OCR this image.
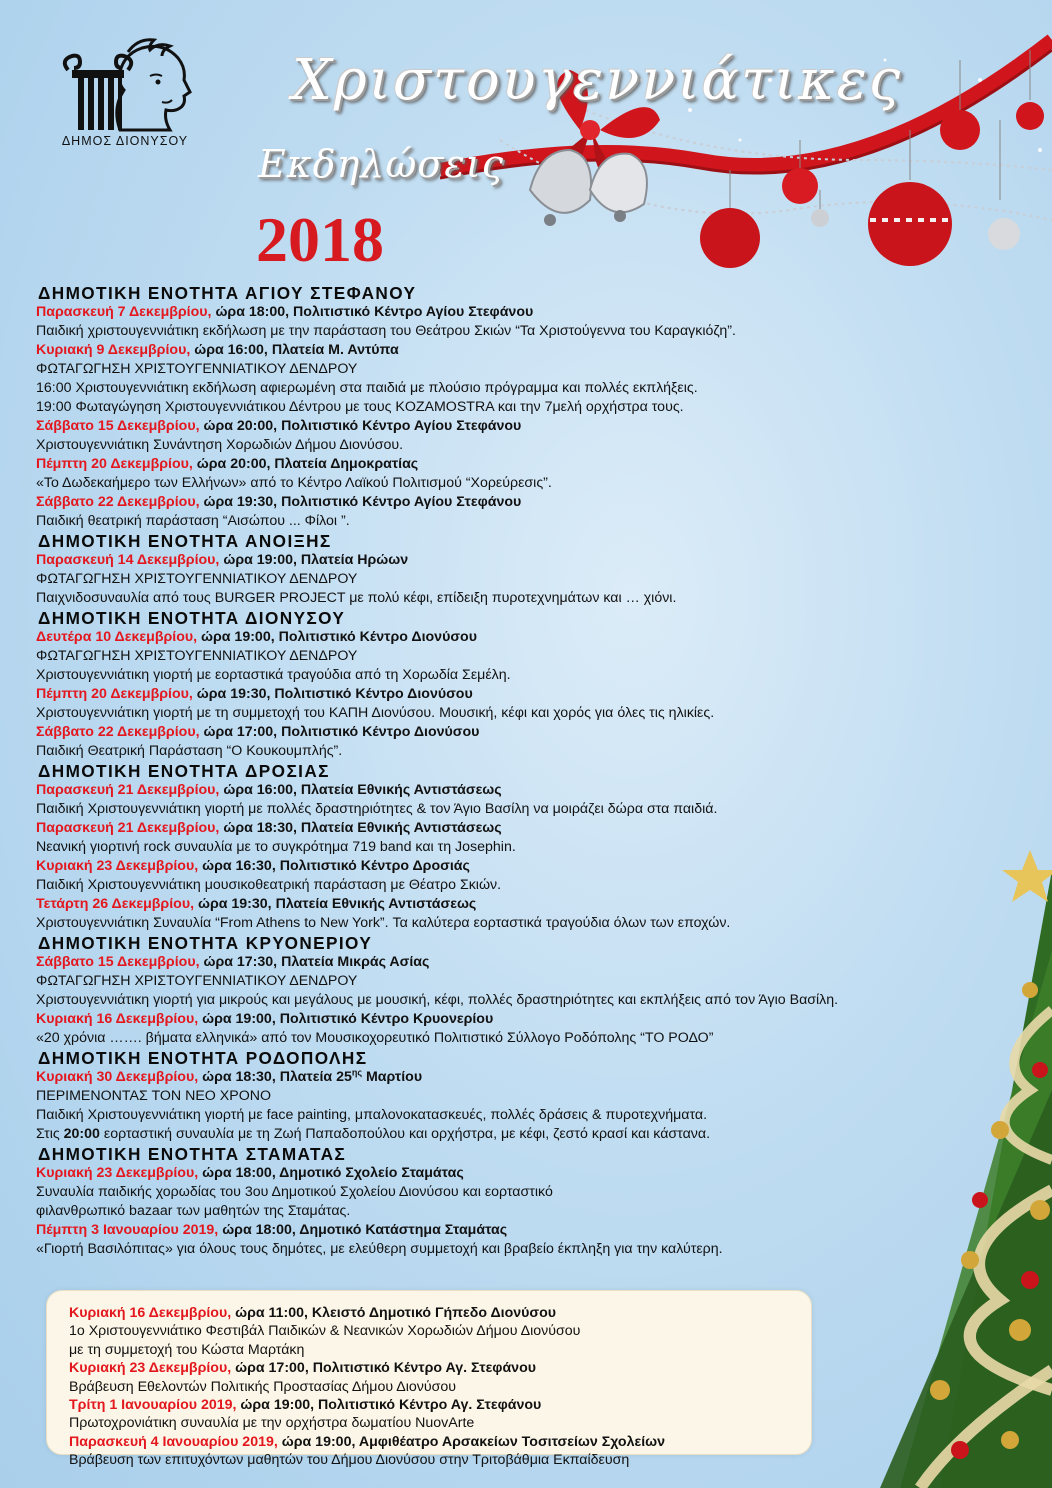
ΔΗΜΟΣ ΔΙΟΝΥΣΟΥ
Χριστουγεννιάτικες
Εκδηλώσεις
2018
ΔΗΜΟΤΙΚΗ ΕΝΟΤΗΤΑ ΑΓΙΟΥ ΣΤΕΦΑΝΟΥ
Παρασκευή 7 Δεκεμβρίου, ώρα 18:00, Πολιτιστικό Κέντρο Αγίου Στεφάνου
Παιδική χριστουγεννιάτικη εκδήλωση με την παράσταση του Θεάτρου Σκιών “Τα Χριστούγεννα του Καραγκιόζη”.
Κυριακή 9 Δεκεμβρίου, ώρα 16:00, Πλατεία Μ. Αντύπα
ΦΩΤΑΓΩΓΗΣΗ ΧΡΙΣΤΟΥΓΕΝΝΙΑΤΙΚΟΥ ΔΕΝΔΡΟΥ
16:00 Χριστουγεννιάτικη εκδήλωση αφιερωμένη στα παιδιά με πλούσιο πρόγραμμα και πολλές εκπλήξεις.
19:00 Φωταγώγηση Χριστουγεννιάτικου Δέντρου με τους KOZAMOSTRA και την 7μελή ορχήστρα τους.
Σάββατο 15 Δεκεμβρίου, ώρα 20:00, Πολιτιστικό Κέντρο Αγίου Στεφάνου
Χριστουγεννιάτικη Συνάντηση Χορωδιών Δήμου Διονύσου.
Πέμπτη 20 Δεκεμβρίου, ώρα 20:00, Πλατεία Δημοκρατίας
«Το Δωδεκαήμερο των Ελλήνων» από το Κέντρο Λαϊκού Πολιτισμού “Χορεύρεσις”.
Σάββατο 22 Δεκεμβρίου, ώρα 19:30, Πολιτιστικό Κέντρο Αγίου Στεφάνου
Παιδική θεατρική παράσταση “Αισώπου ... Φίλοι ”.
ΔΗΜΟΤΙΚΗ ΕΝΟΤΗΤΑ ΑΝΟΙΞΗΣ
Παρασκευή 14 Δεκεμβρίου, ώρα 19:00, Πλατεία Ηρώων
ΦΩΤΑΓΩΓΗΣΗ ΧΡΙΣΤΟΥΓΕΝΝΙΑΤΙΚΟΥ ΔΕΝΔΡΟΥ
Παιχνιδοσυναυλία από τους BURGER PROJECT με πολύ κέφι, επίδειξη πυροτεχνημάτων και … χιόνι.
ΔΗΜΟΤΙΚΗ ΕΝΟΤΗΤΑ ΔΙΟΝΥΣΟΥ
Δευτέρα 10 Δεκεμβρίου, ώρα 19:00, Πολιτιστικό Κέντρο Διονύσου
ΦΩΤΑΓΩΓΗΣΗ ΧΡΙΣΤΟΥΓΕΝΝΙΑΤΙΚΟΥ ΔΕΝΔΡΟΥ
Χριστουγεννιάτικη γιορτή με εορταστικά τραγούδια από τη Χορωδία Σεμέλη.
Πέμπτη 20 Δεκεμβρίου, ώρα 19:30, Πολιτιστικό Κέντρο Διονύσου
Χριστουγεννιάτικη γιορτή με τη συμμετοχή του ΚΑΠΗ Διονύσου. Μουσική, κέφι και χορός για όλες τις ηλικίες.
Σάββατο 22 Δεκεμβρίου, ώρα 17:00, Πολιτιστικό Κέντρο Διονύσου
Παιδική Θεατρική Παράσταση “Ο Κουκουμπλής”.
ΔΗΜΟΤΙΚΗ ΕΝΟΤΗΤΑ ΔΡΟΣΙΑΣ
Παρασκευή 21 Δεκεμβρίου, ώρα 16:00, Πλατεία Εθνικής Αντιστάσεως
Παιδική Χριστουγεννιάτικη γιορτή με πολλές δραστηριότητες & τον Άγιο Βασίλη να μοιράζει δώρα στα παιδιά.
Παρασκευή 21 Δεκεμβρίου, ώρα 18:30, Πλατεία Εθνικής Αντιστάσεως
Νεανική γιορτινή rock συναυλία με το συγκρότημα 719 band και τη Josephin.
Κυριακή 23 Δεκεμβρίου, ώρα 16:30, Πολιτιστικό Κέντρο Δροσιάς
Παιδική Χριστουγεννιάτικη μουσικοθεατρική παράσταση με Θέατρο Σκιών.
Τετάρτη 26 Δεκεμβρίου, ώρα 19:30, Πλατεία Εθνικής Αντιστάσεως
Χριστουγεννιάτικη Συναυλία “From Athens to New York”. Τα καλύτερα εορταστικά τραγούδια όλων των εποχών.
ΔΗΜΟΤΙΚΗ ΕΝΟΤΗΤΑ ΚΡΥΟΝΕΡΙΟΥ
Σάββατο 15 Δεκεμβρίου, ώρα 17:30, Πλατεία Μικράς Ασίας
ΦΩΤΑΓΩΓΗΣΗ ΧΡΙΣΤΟΥΓΕΝΝΙΑΤΙΚΟΥ ΔΕΝΔΡΟΥ
Χριστουγεννιάτικη γιορτή για μικρούς και μεγάλους με μουσική, κέφι, πολλές δραστηριότητες και εκπλήξεις από τον Άγιο Βασίλη.
Κυριακή 16 Δεκεμβρίου, ώρα 19:00, Πολιτιστικό Κέντρο Κρυονερίου
«20 χρόνια ……. βήματα ελληνικά» από τον Μουσικοχορευτικό Πολιτιστικό Σύλλογο Ροδόπολης “ΤΟ ΡΟΔΟ”
ΔΗΜΟΤΙΚΗ ΕΝΟΤΗΤΑ ΡΟΔΟΠΟΛΗΣ
Κυριακή 30 Δεκεμβρίου, ώρα 18:30, Πλατεία $25^{\eta\varsigma}$ Μαρτίου
ΠΕΡΙΜΕΝΟΝΤΑΣ ΤΟΝ ΝΕΟ ΧΡΟΝΟ
Παιδική Χριστουγεννιάτικη γιορτή με face painting, μπαλονοκατασκευές, πολλές δράσεις & πυροτεχνήματα.
Στις 20:00 εορταστική συναυλία με τη Ζωή Παπαδοπούλου και ορχήστρα, με κέφι, ζεστό κρασί και κάστανα.
ΔΗΜΟΤΙΚΗ ΕΝΟΤΗΤΑ ΣΤΑΜΑΤΑΣ
Κυριακή 23 Δεκεμβρίου, ώρα 18:00, Δημοτικό Σχολείο Σταμάτας
Συναυλία παιδικής χορωδίας του 3ου Δημοτικού Σχολείου Διονύσου και εορταστικό
φιλανθρωπικό bazaar των μαθητών της Σταμάτας.
Πέμπτη 3 Ιανουαρίου 2019, ώρα 18:00, Δημοτικό Κατάστημα Σταμάτας
«Γιορτή Βασιλόπιτας» για όλους τους δημότες, με ελεύθερη συμμετοχή και βραβείο έκπληξη για την καλύτερη.
Κυριακή 16 Δεκεμβρίου, ώρα 11:00, Κλειστό Δημοτικό Γήπεδο Διονύσου
1ο Χριστουγεννιάτικο Φεστιβάλ Παιδικών & Νεανικών Χορωδιών Δήμου Διονύσου
με τη συμμετοχή του Κώστα Μαρτάκη
Κυριακή 23 Δεκεμβρίου, ώρα 17:00, Πολιτιστικό Κέντρο Αγ. Στεφάνου
Βράβευση Εθελοντών Πολιτικής Προστασίας Δήμου Διονύσου
Τρίτη 1 Ιανουαρίου 2019, ώρα 19:00, Πολιτιστικό Κέντρο Αγ. Στεφάνου
Πρωτοχρονιάτικη συναυλία με την ορχήστρα δωματίου NuovArte
Παρασκευή 4 Ιανουαρίου 2019, ώρα 19:00, Αμφιθέατρο Αρσακείων Τοσιτσείων Σχολείων
Βράβευση των επιτυχόντων μαθητών του Δήμου Διονύσου στην Τριτοβάθμια Εκπαίδευση
